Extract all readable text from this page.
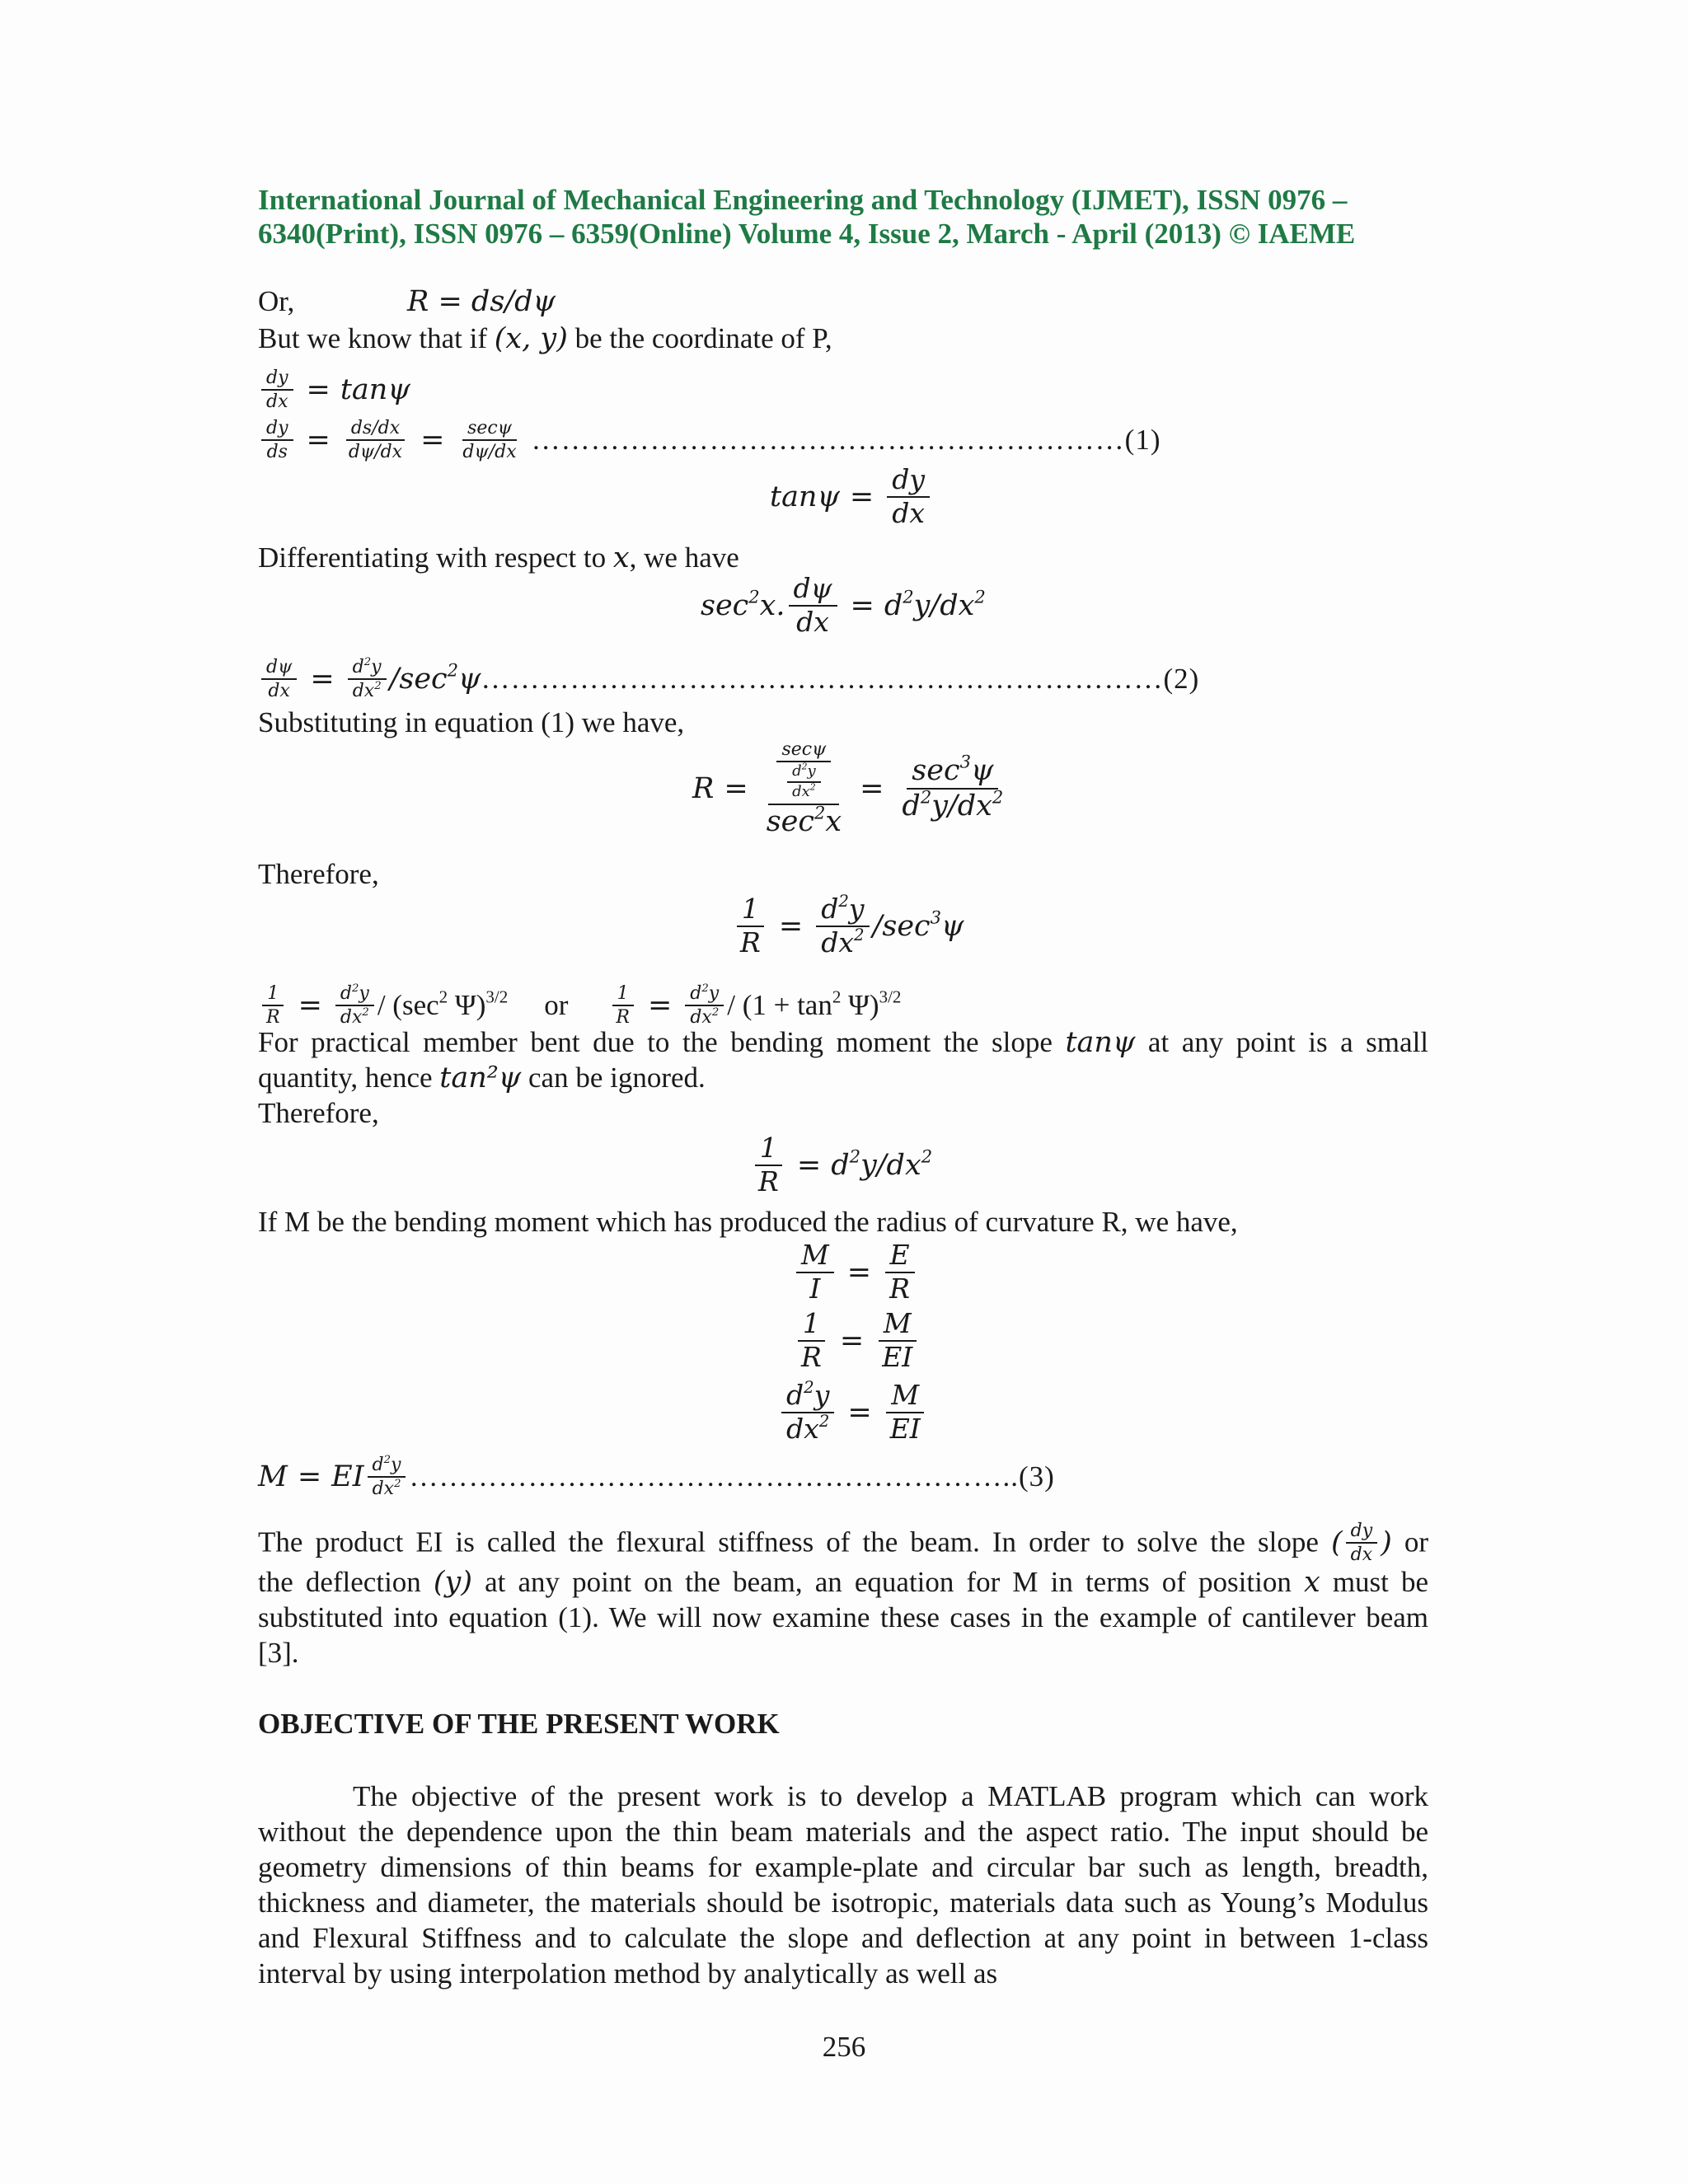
International Journal of Mechanical Engineering and Technology (IJMET), ISSN 0976 –
6340(Print), ISSN 0976 – 6359(Online) Volume 4, Issue 2, March - April (2013) © IAEME
Or,	R = ds/dψ
But we know that if (x, y) be the coordinate of P,
$\frac{dy}{dx} = \tan\psi$
$\frac{dy}{ds} = \frac{ds/dx}{d\psi/dx} = \frac{\sec\psi}{d\psi/dx}$ ……………………………………………………(1)
$\tan\psi = \frac{dy}{dx}$
Differentiating with respect to x, we have
$\sec^2x$. $\frac{d\psi}{dx} = d^2y/dx^2$
$\frac{d\psi}{dx} = \frac{d^2y}{dx^2} /\sec^2\psi$ ……………………………………………………………(2)
Substituting in equation (1) we have,
$R = \frac{\frac{\sec\psi}{\frac{d^2y}{dx^2}}}{\sec^2x} = \frac{\sec^3\psi}{d^2y/dx^2}$
Therefore,
$\frac{1}{R} = \frac{d^2y}{dx^2} /\sec^3\psi$
$\frac{1}{R} = \frac{d^2y}{dx^2} / (\sec^2$ Ψ)$^{3/2}$ or $\frac{1}{R} = \frac{d^2y}{dx^2} / (1 + \tan^2 \Psi)^{3/2}$
For practical member bent due to the bending moment the slope tanψ at any point is a small
quantity, hence tan²ψ can be ignored.
Therefore,
$\frac{1}{R} = d^2y/dx^2$
If M be the bending moment which has produced the radius of curvature R, we have,
$\frac{M}{I} = \frac{E}{R}$
$\frac{1}{R} = \frac{M}{EI}$
$\frac{d^2y}{dx^2} = \frac{M}{EI}$
M = EI $\frac{d^2y}{dx^2}$ ……………………………………………………..(3)
The product EI is called the flexural stiffness of the beam. In order to solve the slope ( $\frac{dy}{dx}$ ) or
the deflection (y) at any point on the beam, an equation for M in terms of position x must be
substituted into equation (1). We will now examine these cases in the example of cantilever beam [3].
OBJECTIVE OF THE PRESENT WORK
The objective of the present work is to develop a MATLAB program which can work without the dependence upon the thin beam materials and the aspect ratio. The input should be geometry dimensions of thin beams for example-plate and circular bar such as length, breadth, thickness and diameter, the materials should be isotropic, materials data such as Young’s Modulus and Flexural Stiffness and to calculate the slope and deflection at any point in between 1-class interval by using interpolation method by analytically as well as
256
